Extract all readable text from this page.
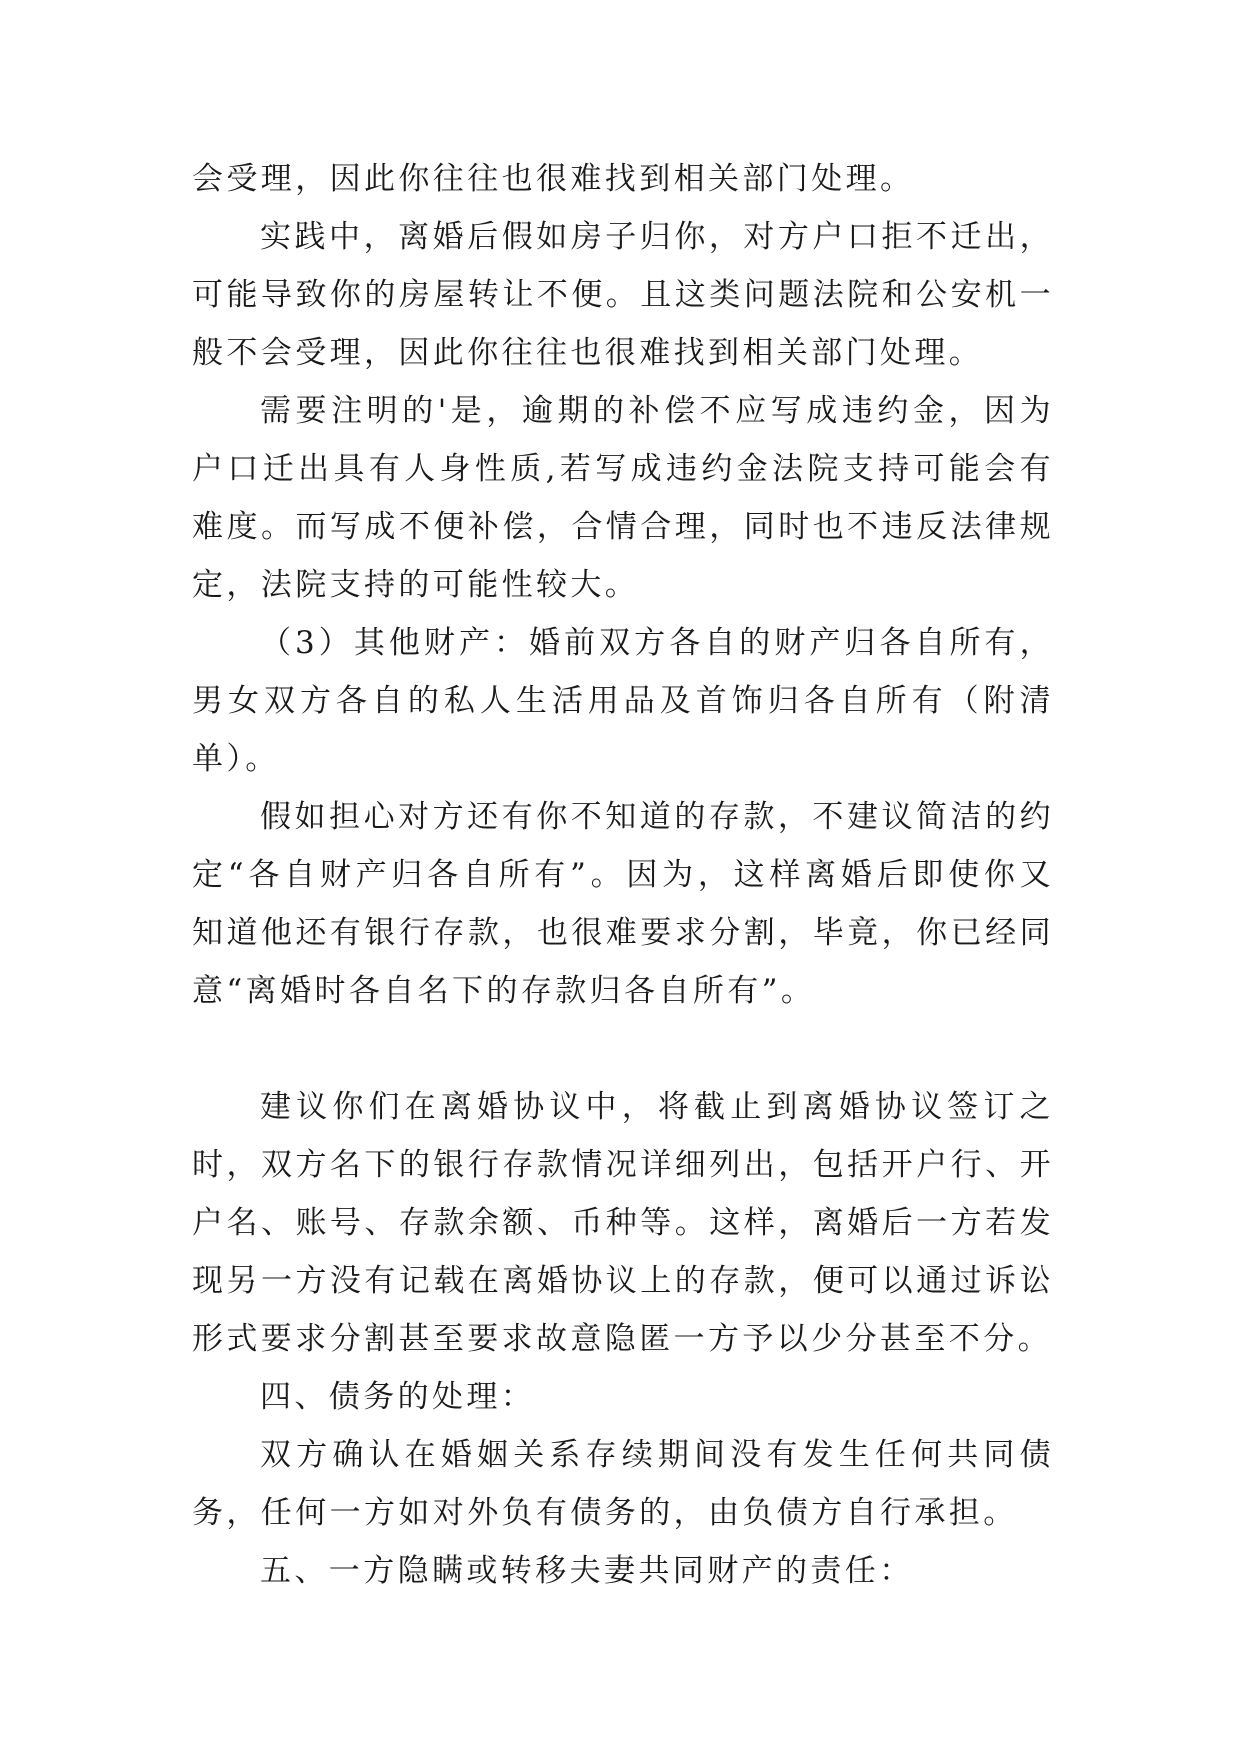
会受理，因此你往往也很难找到相关部门处理。

实践中，离婚后假如房子归你，对方户口拒不迁出，可能导致你的房屋转让不便。且这类问题法院和公安机一般不会受理，因此你往往也很难找到相关部门处理。

需要注明的'是，逾期的补偿不应写成违约金，因为户口迁出具有人身性质,若写成违约金法院支持可能会有难度。而写成不便补偿，合情合理，同时也不违反法律规定，法院支持的可能性较大。

（3）其他财产：婚前双方各自的财产归各自所有，男女双方各自的私人生活用品及首饰归各自所有（附清单）。

假如担心对方还有你不知道的存款，不建议简洁的约定“各自财产归各自所有”。因为，这样离婚后即使你又知道他还有银行存款，也很难要求分割，毕竟，你已经同意“离婚时各自名下的存款归各自所有”。

建议你们在离婚协议中，将截止到离婚协议签订之时，双方名下的银行存款情况详细列出，包括开户行、开户名、账号、存款余额、币种等。这样，离婚后一方若发现另一方没有记载在离婚协议上的存款，便可以通过诉讼形式要求分割甚至要求故意隐匿一方予以少分甚至不分。

四、债务的处理：

双方确认在婚姻关系存续期间没有发生任何共同债务，任何一方如对外负有债务的，由负债方自行承担。

五、一方隐瞒或转移夫妻共同财产的责任：
